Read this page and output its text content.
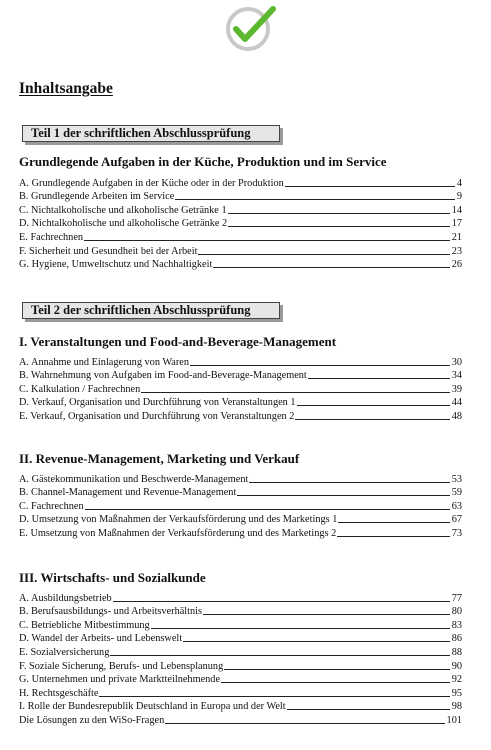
Inhaltsangabe
Teil 1 der schriftlichen Abschlussprüfung
Grundlegende Aufgaben in der Küche, Produktion und im Service
A. Grundlegende Aufgaben in der Küche oder in der Produktion	4
B. Grundlegende Arbeiten im Service	9
C. Nichtalkoholische und alkoholische Getränke 1	14
D. Nichtalkoholische und alkoholische Getränke 2	17
E. Fachrechnen	21
F. Sicherheit und Gesundheit bei der Arbeit	23
G. Hygiene, Umweltschutz und Nachhaltigkeit	26
Teil 2 der schriftlichen Abschlussprüfung
I. Veranstaltungen und Food-and-Beverage-Management
A. Annahme und Einlagerung von Waren	30
B. Wahrnehmung von Aufgaben im Food-and-Beverage-Management	34
C. Kalkulation / Fachrechnen	39
D. Verkauf, Organisation und Durchführung von Veranstaltungen 1	44
E. Verkauf, Organisation und Durchführung von Veranstaltungen 2	48
II. Revenue-Management, Marketing und Verkauf
A. Gästekommunikation und Beschwerde-Management	53
B. Channel-Management und Revenue-Management	59
C. Fachrechnen	63
D. Umsetzung von Maßnahmen der Verkaufsförderung und des Marketings 1	67
E. Umsetzung von Maßnahmen der Verkaufsförderung und des Marketings 2	73
III. Wirtschafts- und Sozialkunde
A. Ausbildungsbetrieb	77
B. Berufsausbildungs- und Arbeitsverhältnis	80
C. Betriebliche Mitbestimmung	83
D. Wandel der Arbeits- und Lebenswelt	86
E. Sozialversicherung	88
F. Soziale Sicherung, Berufs- und Lebensplanung	90
G. Unternehmen und private Marktteilnehmende	92
H. Rechtsgeschäfte	95
I. Rolle der Bundesrepublik Deutschland in Europa und der Welt	98
Die Lösungen zu den WiSo-Fragen	101
